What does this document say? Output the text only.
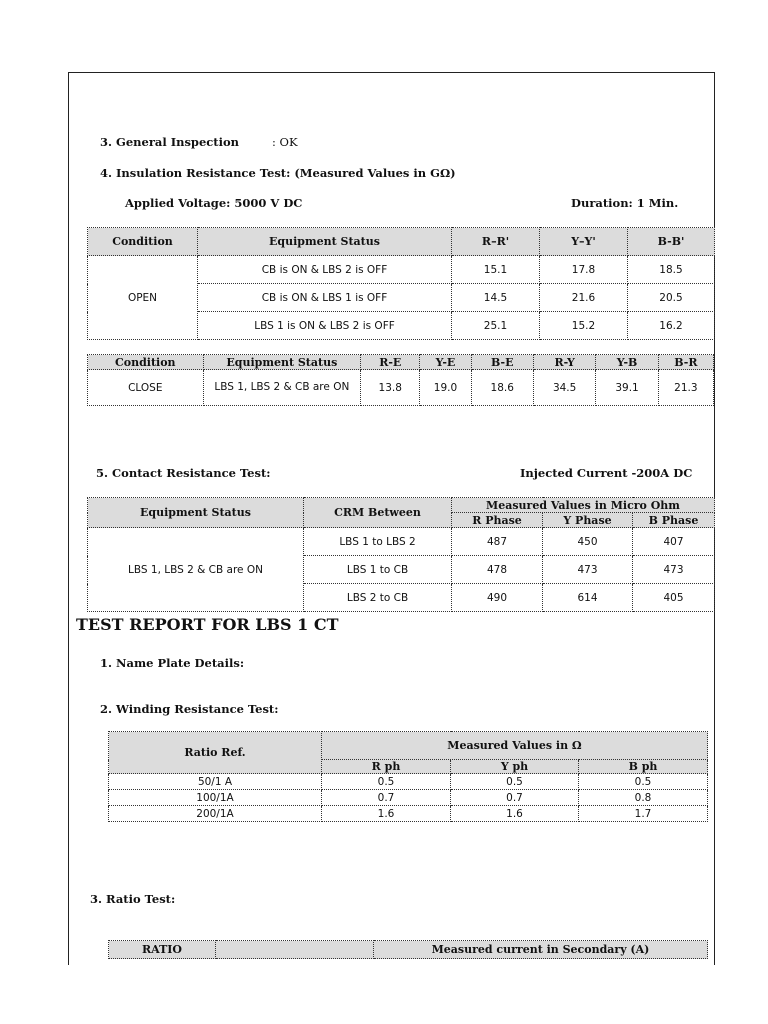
3. General Inspection	: OK
4. Insulation Resistance Test: (Measured Values in GΩ)
Applied Voltage: 5000 V DC	Duration: 1 Min.
Condition	Equipment Status	R–R'	Y–Y'	B-B'
OPEN	CB is ON & LBS 2 is OFF	15.1	17.8	18.5
	CB is ON & LBS 1 is OFF	14.5	21.6	20.5
	LBS 1 is ON & LBS 2 is OFF	25.1	15.2	16.2
Condition	Equipment Status	R-E	Y-E	B-E	R-Y	Y-B	B-R
CLOSE	LBS 1, LBS 2 & CB are ON	13.8	19.0	18.6	34.5	39.1	21.3
5. Contact Resistance Test:	Injected Current -200A DC
Equipment Status	CRM Between	Measured Values in Micro Ohm		
		R Phase	Y Phase	B Phase
LBS 1, LBS 2 & CB are ON	LBS 1 to LBS 2	487	450	407
	LBS 1 to CB	478	473	473
	LBS 2 to CB	490	614	405
TEST REPORT FOR LBS 1 CT
1. Name Plate Details:
2. Winding Resistance Test:
Ratio Ref.	Measured Values in Ω		
	R ph	Y ph	B ph
50/1 A	0.5	0.5	0.5
100/1A	0.7	0.7	0.8
200/1A	1.6	1.6	1.7
3. Ratio Test:
RATIO		Measured current in Secondary (A)
